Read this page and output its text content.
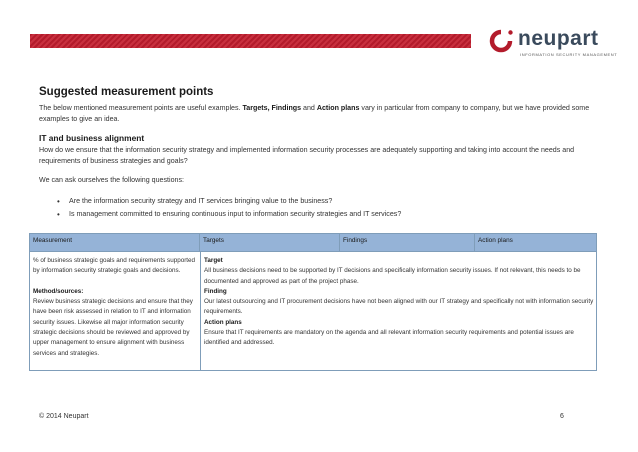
neupart
INFORMATION SECURITY MANAGEMENT
Suggested measurement points
The below mentioned measurement points are useful examples. Targets, Findings and Action plans vary in particular from company to company, but we have provided some examples to give an idea.
IT and business alignment
How do we ensure that the information security strategy and implemented information security processes are adequately supporting and taking into account the needs and requirements of business strategies and goals?
We can ask ourselves the following questions:
• Are the information security strategy and IT services bringing value to the business?
• Is management committed to ensuring continuous input to information security strategies and IT services?
Measurement	Targets	Findings	Action plans
% of business strategic goals and requirements supported by information security strategic goals and decisions.
Method/sources:
Review business strategic decisions and ensure that they have been risk assessed in relation to IT and information security issues. Likewise all major information security strategic decisions should be reviewed and approved by upper management to ensure alignment with business services and strategies.
Target
All business decisions need to be supported by IT decisions and specifically information security issues. If not relevant, this needs to be documented and approved as part of the project phase.
Finding
Our latest outsourcing and IT procurement decisions have not been aligned with our IT strategy and specifically not with information security requirements.
Action plans
Ensure that IT requirements are mandatory on the agenda and all relevant information security requirements and potential issues are identified and addressed.
© 2014 Neupart	6
